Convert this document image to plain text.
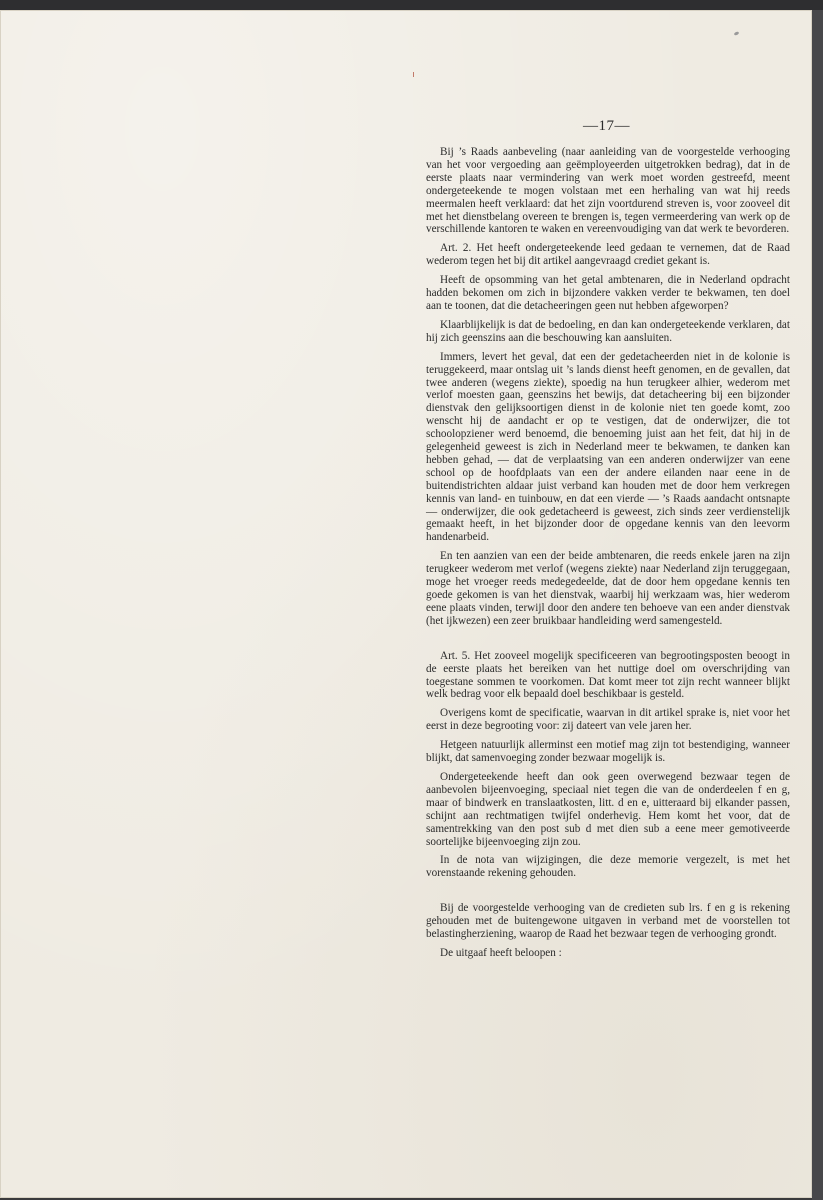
—17—

Bij ’s Raads aanbeveling (naar aanleiding van de voorgestelde verhooging van het voor vergoeding aan geëmployeerden uitgetrokken bedrag), dat in de eerste plaats naar vermindering van werk moet worden gestreefd, meent ondergeteekende te mogen volstaan met een herhaling van wat hij reeds meermalen heeft verklaard: dat het zijn voortdurend streven is, voor zooveel dit met het dienstbelang overeen te brengen is, tegen vermeerdering van werk op de verschillende kantoren te waken en vereenvoudiging van dat werk te bevorderen.

Art. 2. Het heeft ondergeteekende leed gedaan te vernemen, dat de Raad wederom tegen het bij dit artikel aangevraagd crediet gekant is.

Heeft de opsomming van het getal ambtenaren, die in Nederland opdracht hadden bekomen om zich in bijzondere vakken verder te bekwamen, ten doel aan te toonen, dat die detacheeringen geen nut hebben afgeworpen?

Klaarblijkelijk is dat de bedoeling, en dan kan ondergeteekende verklaren, dat hij zich geenszins aan die beschouwing kan aansluiten.

Immers, levert het geval, dat een der gedetacheerden niet in de kolonie is teruggekeerd, maar ontslag uit ’s lands dienst heeft genomen, en de gevallen, dat twee anderen (wegens ziekte), spoedig na hun terugkeer alhier, wederom met verlof moesten gaan, geenszins het bewijs, dat detacheering bij een bijzonder dienstvak den gelijksoortigen dienst in de kolonie niet ten goede komt, zoo wenscht hij de aandacht er op te vestigen, dat de onderwijzer, die tot schoolopziener werd benoemd, die benoeming juist aan het feit, dat hij in de gelegenheid geweest is zich in Nederland meer te bekwamen, te danken kan hebben gehad, — dat de verplaatsing van een anderen onderwijzer van eene school op de hoofdplaats van een der andere eilanden naar eene in de buitendistrichten aldaar juist verband kan houden met de door hem verkregen kennis van land- en tuinbouw, en dat een vierde — ’s Raads aandacht ontsnapte — onderwijzer, die ook gedetacheerd is geweest, zich sinds zeer verdienstelijk gemaakt heeft, in het bijzonder door de opgedane kennis van den leevorm handenarbeid.

En ten aanzien van een der beide ambtenaren, die reeds enkele jaren na zijn terugkeer wederom met verlof (wegens ziekte) naar Nederland zijn teruggegaan, moge het vroeger reeds medegedeelde, dat de door hem opgedane kennis ten goede gekomen is van het dienstvak, waarbij hij werkzaam was, hier wederom eene plaats vinden, terwijl door den andere ten behoeve van een ander dienstvak (het ijkwezen) een zeer bruikbaar handleiding werd samengesteld.

Art. 5. Het zooveel mogelijk specificeeren van begrootingsposten beoogt in de eerste plaats het bereiken van het nuttige doel om overschrijding van toegestane sommen te voorkomen. Dat komt meer tot zijn recht wanneer blijkt welk bedrag voor elk bepaald doel beschikbaar is gesteld.

Overigens komt de specificatie, waarvan in dit artikel sprake is, niet voor het eerst in deze begrooting voor: zij dateert van vele jaren her.

Hetgeen natuurlijk allerminst een motief mag zijn tot bestendiging, wanneer blijkt, dat samenvoeging zonder bezwaar mogelijk is.

Ondergeteekende heeft dan ook geen overwegend bezwaar tegen de aanbevolen bijeenvoeging, speciaal niet tegen die van de onderdeelen f en g, maar of bindwerk en translaatkosten, litt. d en e, uitteraard bij elkander passen, schijnt aan rechtmatigen twijfel onderhevig. Hem komt het voor, dat de samentrekking van den post sub d met dien sub a eene meer gemotiveerde soortelijke bijeenvoeging zijn zou.

In de nota van wijzigingen, die deze memorie vergezelt, is met het vorenstaande rekening gehouden.

Bij de voorgestelde verhooging van de credieten sub lrs. f en g is rekening gehouden met de buitengewone uitgaven in verband met de voorstellen tot belastingherziening, waarop de Raad het bezwaar tegen de verhooging grondt.

De uitgaaf heeft beloopen :
